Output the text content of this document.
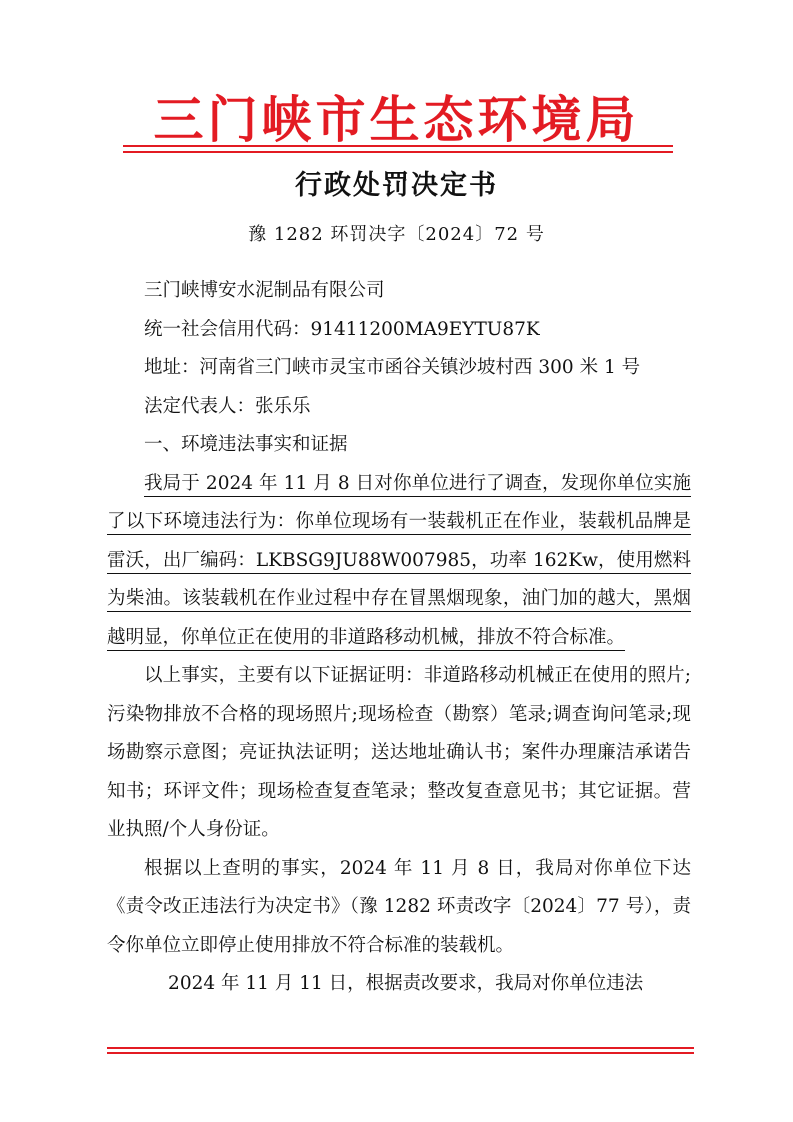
三门峡市生态环境局
行政处罚决定书
豫 1282 环罚决字〔2024〕72 号

三门峡博安水泥制品有限公司

统一社会信用代码：91411200MA9EYTU87K

地址：河南省三门峡市灵宝市函谷关镇沙坡村西 300 米 1 号

法定代表人：张乐乐

一、环境违法事实和证据

我局于 2024 年 11 月 8 日对你单位进行了调查，发现你单位实施了以下环境违法行为：你单位现场有一装载机正在作业，装载机品牌是雷沃，出厂编码：LKBSG9JU88W007985，功率 162Kw，使用燃料为柴油。该装载机在作业过程中存在冒黑烟现象，油门加的越大，黑烟越明显，你单位正在使用的非道路移动机械，排放不符合标准。

以上事实，主要有以下证据证明：非道路移动机械正在使用的照片;污染物排放不合格的现场照片;现场检查（勘察）笔录;调查询问笔录;现场勘察示意图；亮证执法证明；送达地址确认书；案件办理廉洁承诺告知书；环评文件；现场检查复查笔录；整改复查意见书；其它证据。营业执照/个人身份证。

根据以上查明的事实，2024 年 11 月 8 日，我局对你单位下达《责令改正违法行为决定书》（豫 1282 环责改字〔2024〕77 号），责令你单位立即停止使用排放不符合标准的装载机。

2024 年 11 月 11 日，根据责改要求，我局对你单位违法
